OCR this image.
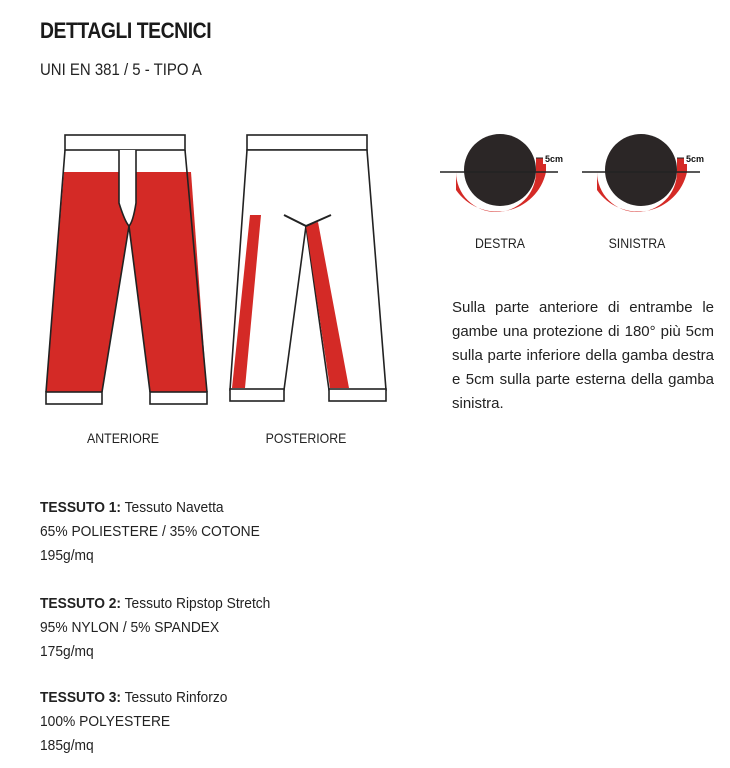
DETTAGLI TECNICI
UNI EN 381 / 5 - TIPO A
5cm	5cm
ANTERIORE	POSTERIORE
DESTRA	SINISTRA
Sulla parte anteriore di entrambe le gambe una protezione di 180° più 5cm sulla parte inferiore della gamba destra e 5cm sulla parte esterna della gamba sinistra.
TESSUTO 1: Tessuto Navetta
65% POLIESTERE / 35% COTONE
195g/mq
TESSUTO 2: Tessuto Ripstop Stretch
95% NYLON / 5% SPANDEX
175g/mq
TESSUTO 3: Tessuto Rinforzo
100% POLYESTERE
185g/mq
